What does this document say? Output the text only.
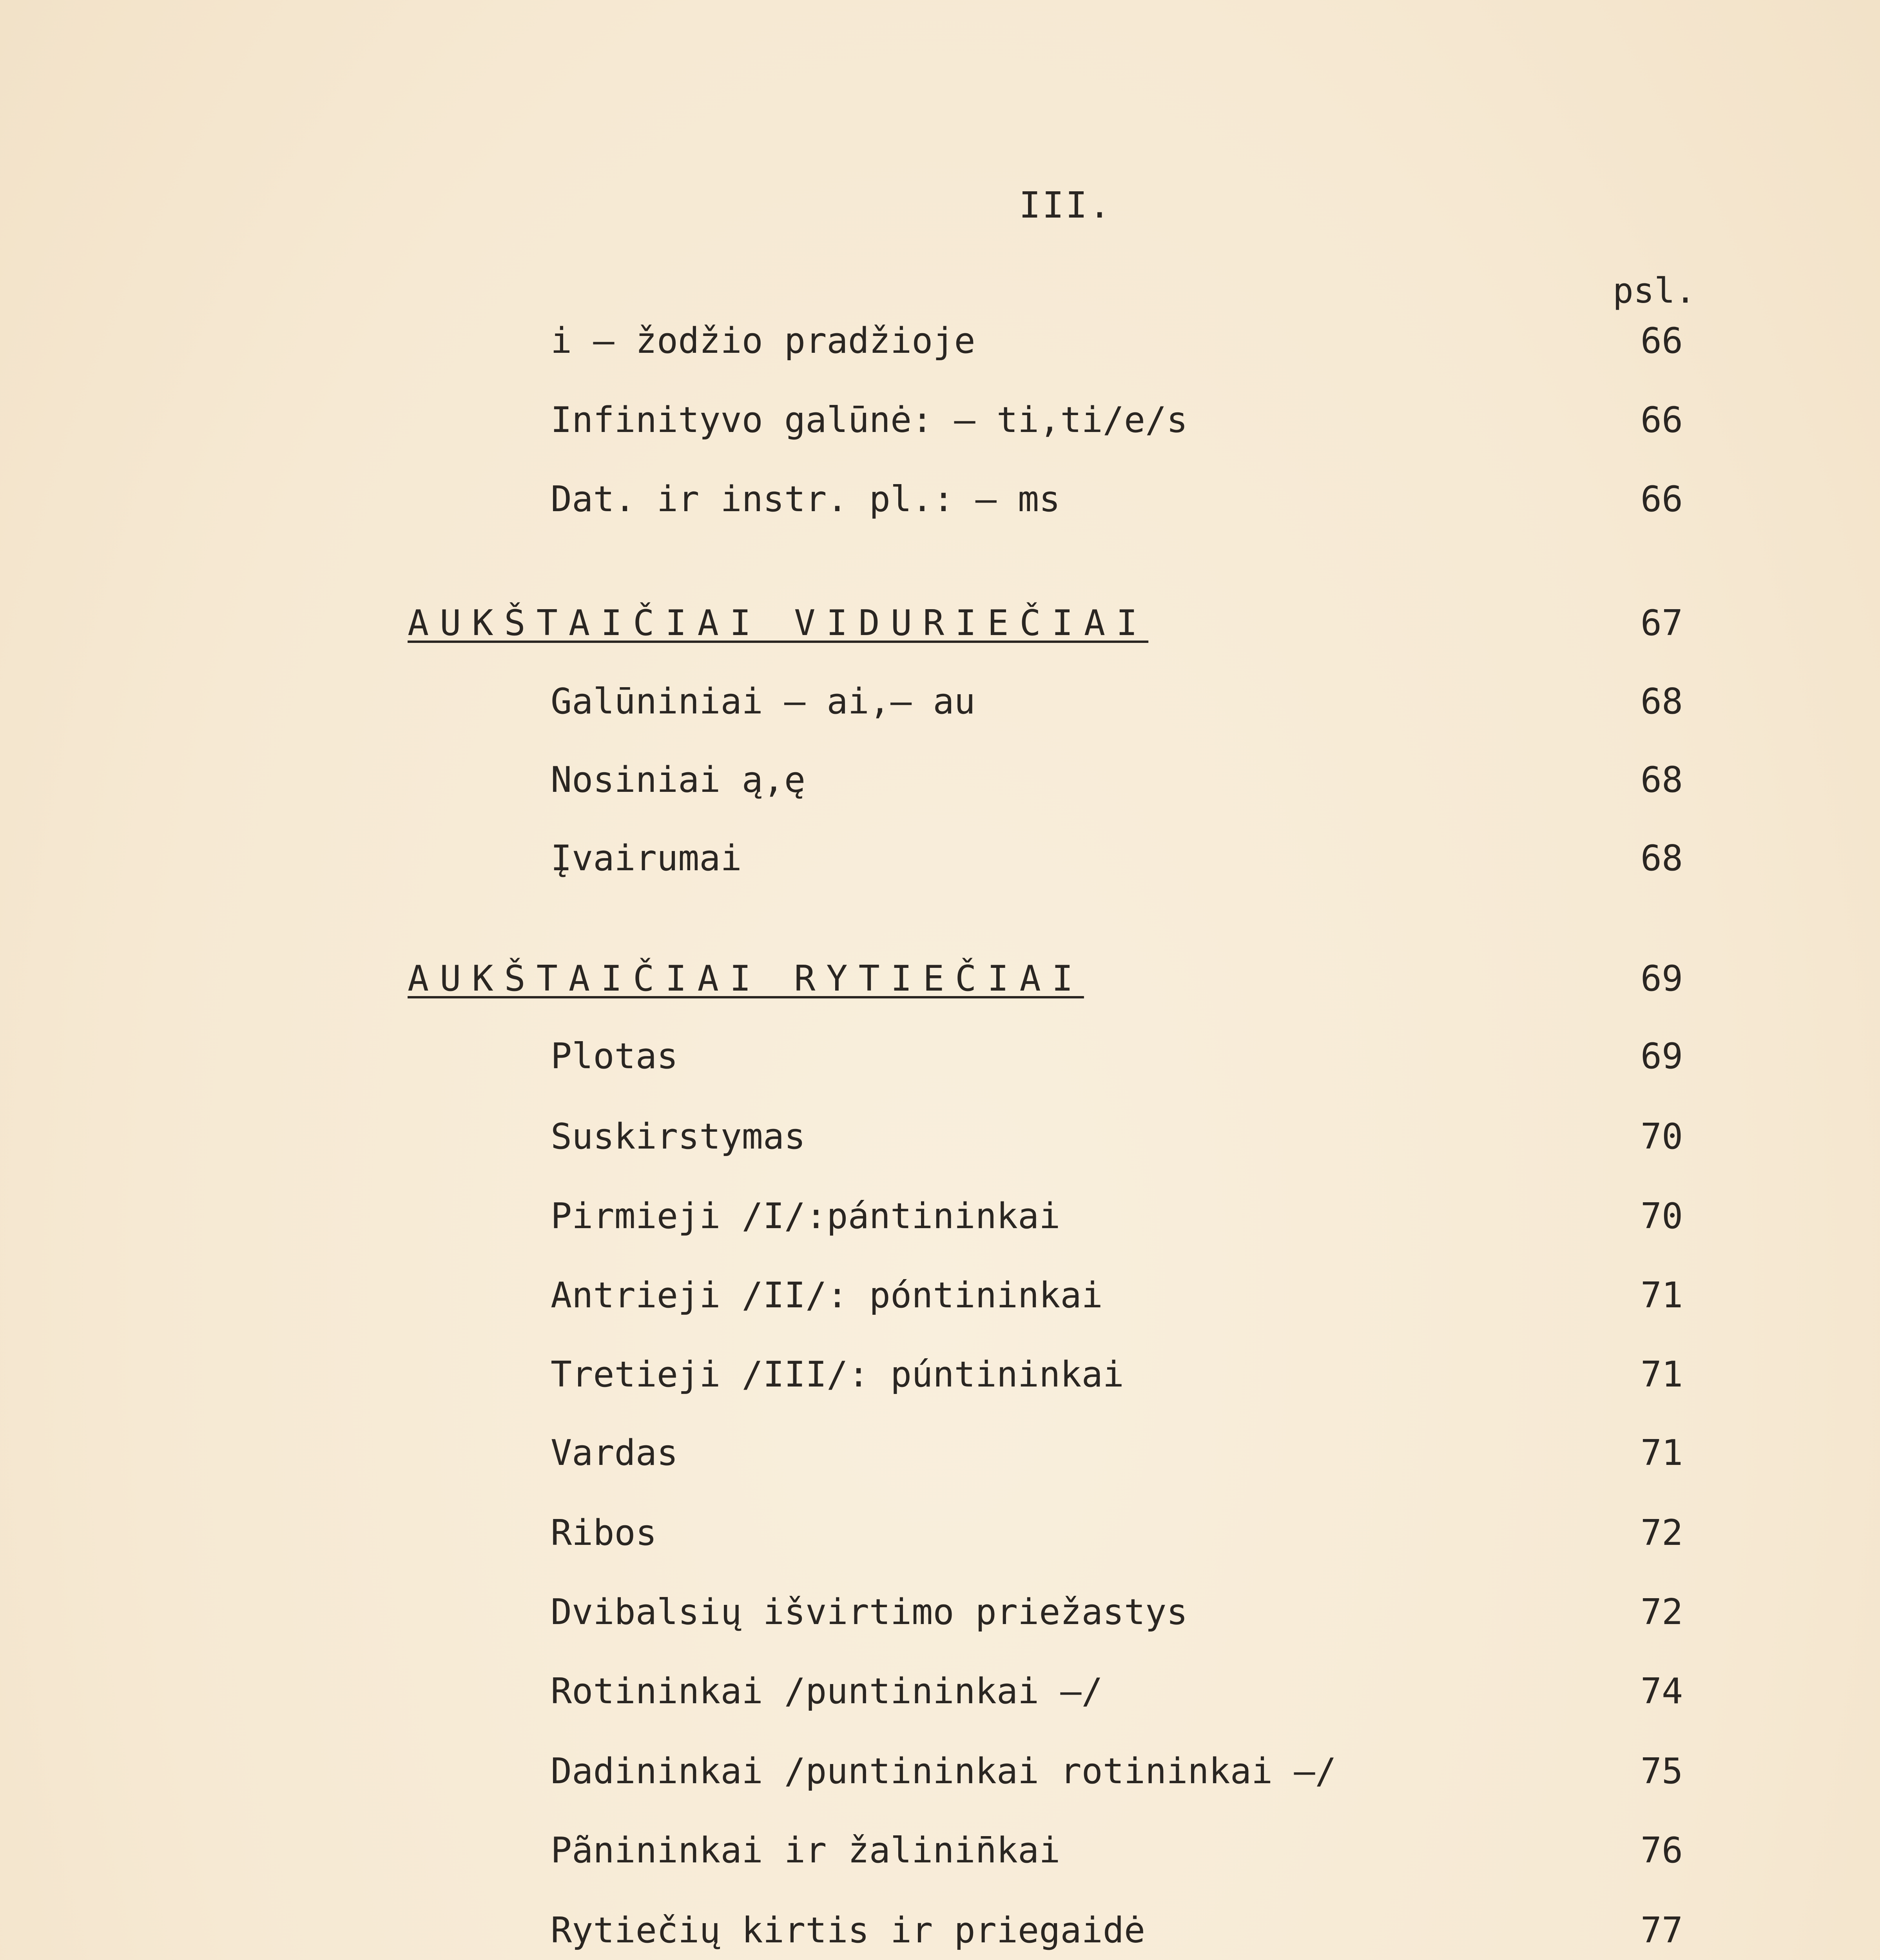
III.
psl.
i — žodžio pradžioje	66
Infinityvo galūnė: — ti,ti/e/s	66
Dat. ir instr. pl.: — ms	66
AUKŠTAIČIAI VIDURIEČIAI	67
Galūniniai — ai,— au	68
Nosiniai ą,ę	68
Įvairumai	68
AUKŠTAIČIAI RYTIEČIAI	69
Plotas	69
Suskirstymas	70
Pirmieji /I/:pántininkai	70
Antrieji /II/: póntininkai	71
Tretieji /III/: púntininkai	71
Vardas	71
Ribos	72
Dvibalsių išvirtimo priežastys	72
Rotininkai /puntininkai —/	74
Dadininkai /puntininkai rotininkai —/	75
Pãnininkai ir žalinin̄kai	76
Rytiečių kirtis ir priegaidė	77
